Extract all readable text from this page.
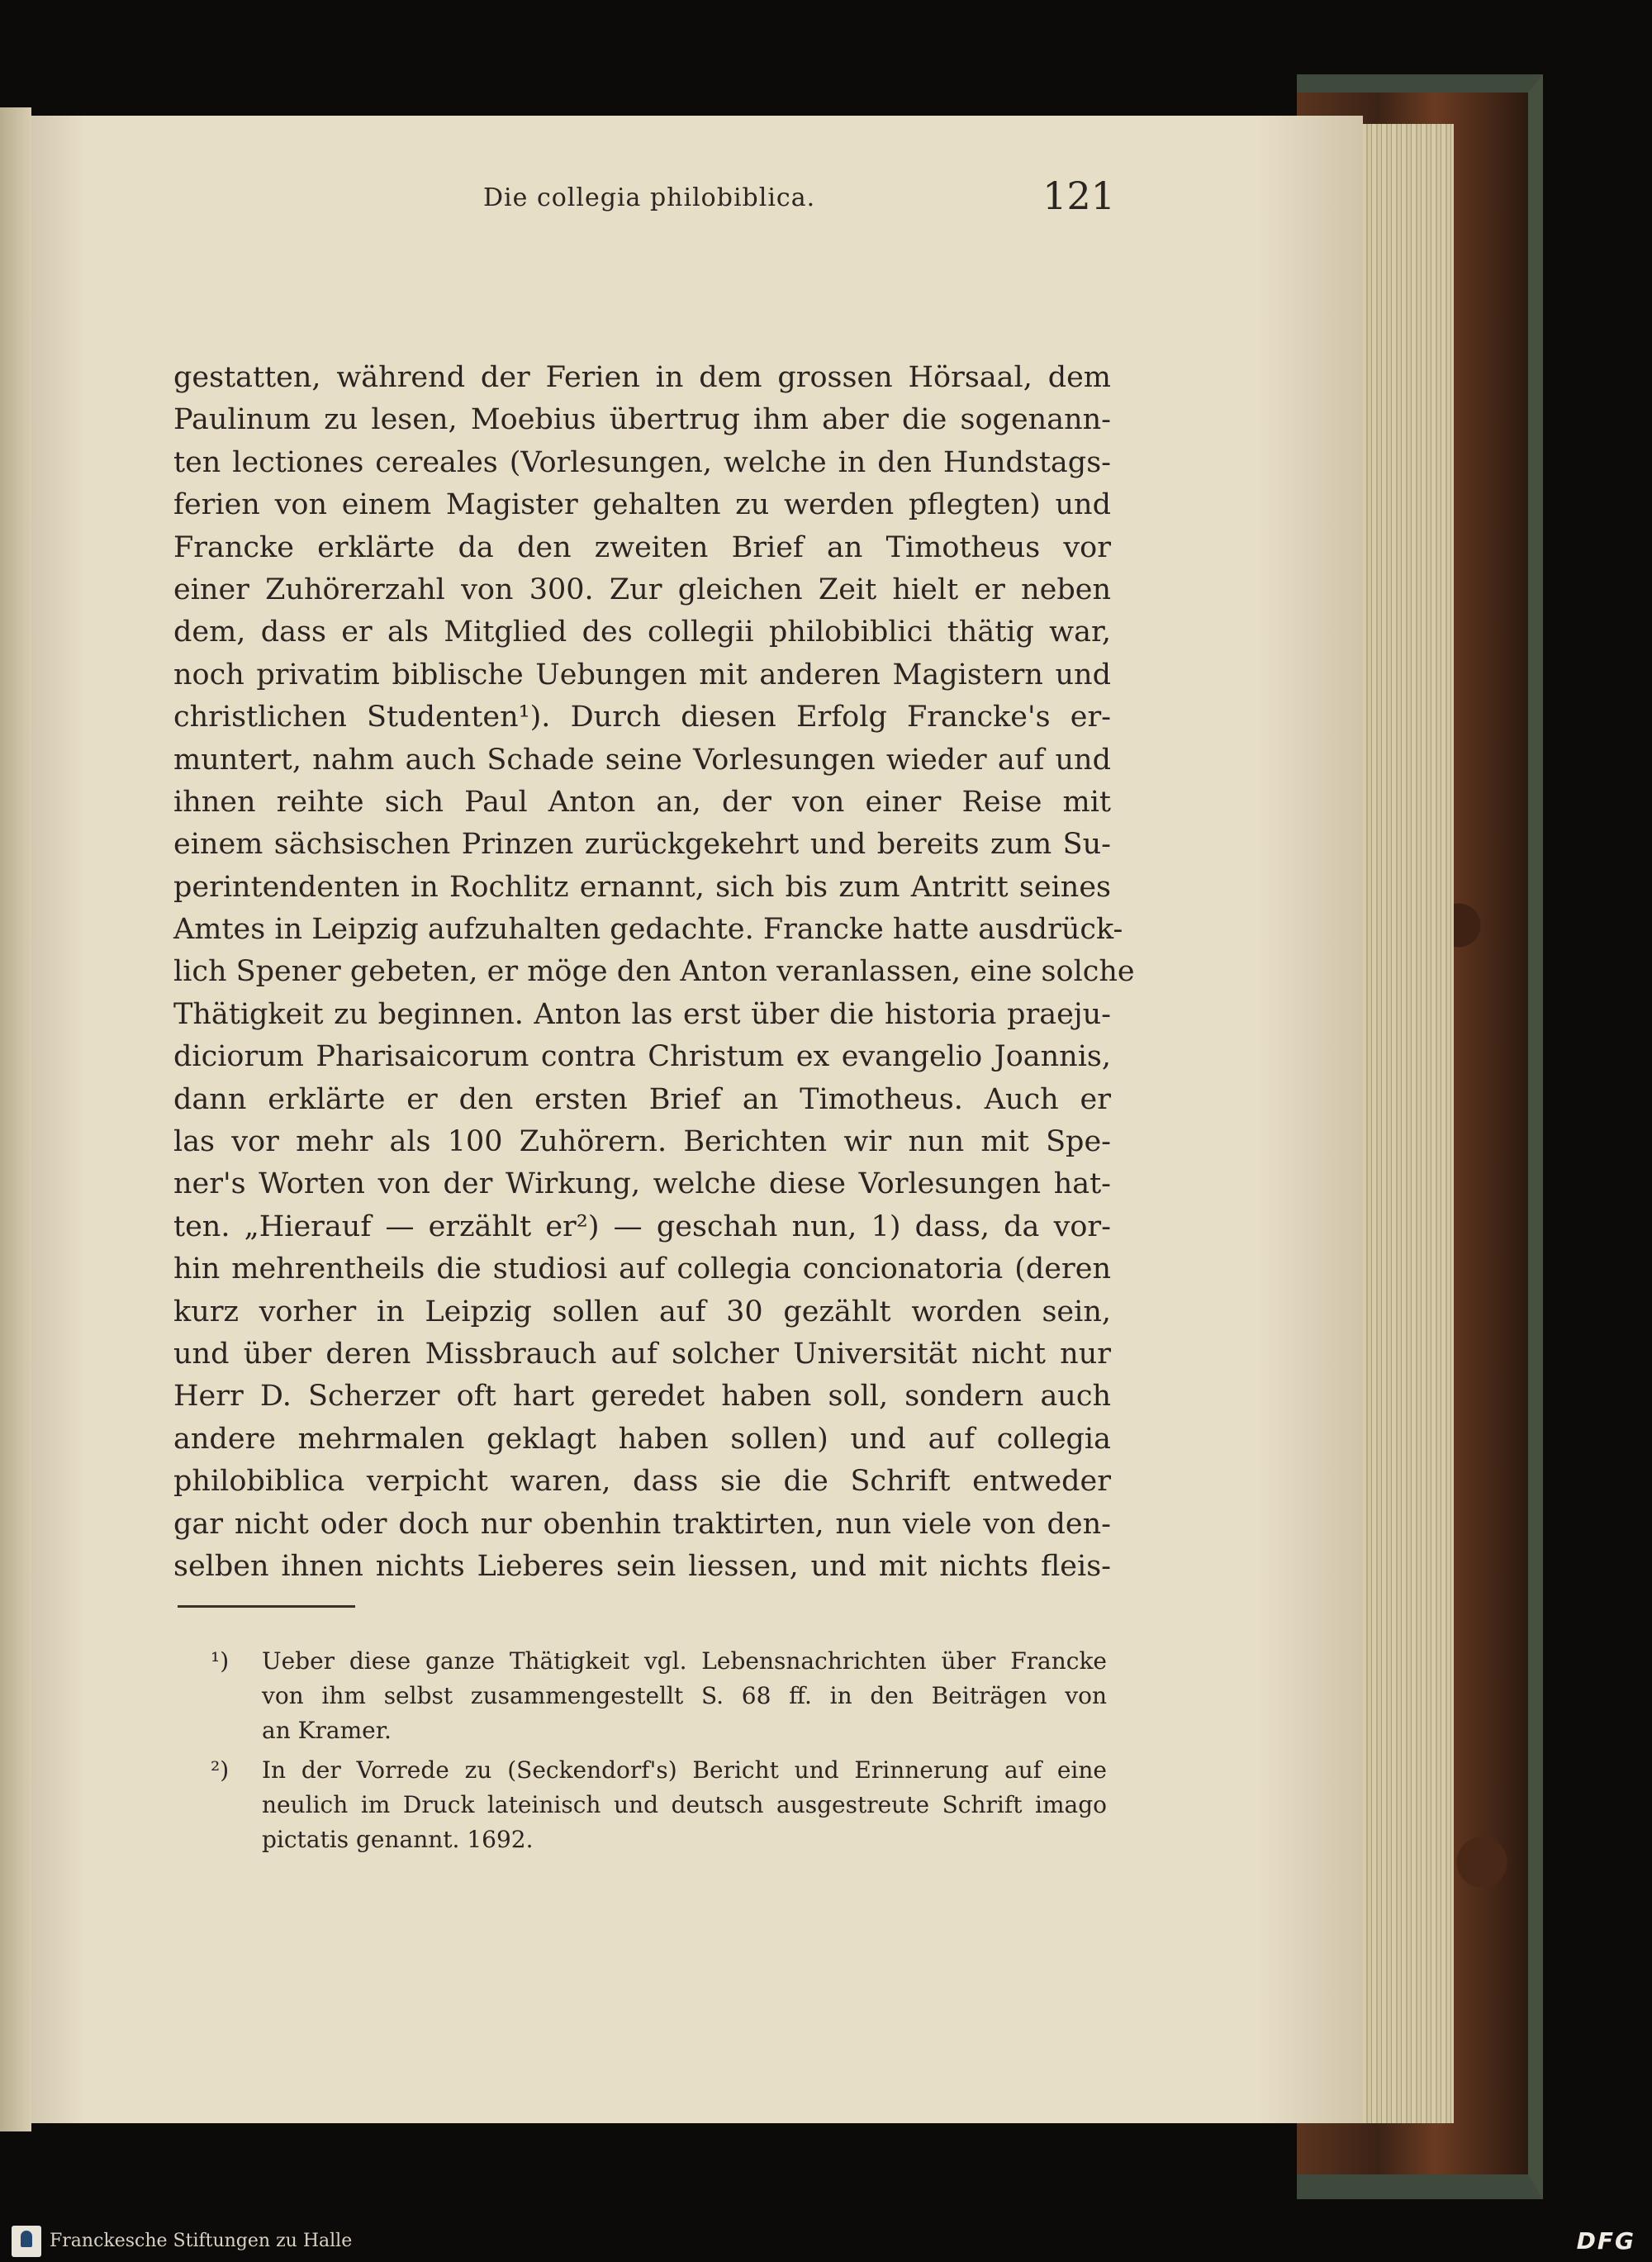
Die collegia philobiblica.	121
gestatten, während der Ferien in dem grossen Hörsaal, dem
Paulinum zu lesen, Moebius übertrug ihm aber die sogenann-
ten lectiones cereales (Vorlesungen, welche in den Hundstags-
ferien von einem Magister gehalten zu werden pflegten) und
Francke erklärte da den zweiten Brief an Timotheus vor
einer Zuhörerzahl von 300. Zur gleichen Zeit hielt er neben
dem, dass er als Mitglied des collegii philobiblici thätig war,
noch privatim biblische Uebungen mit anderen Magistern und
christlichen Studenten¹). Durch diesen Erfolg Francke's er-
muntert, nahm auch Schade seine Vorlesungen wieder auf und
ihnen reihte sich Paul Anton an, der von einer Reise mit
einem sächsischen Prinzen zurückgekehrt und bereits zum Su-
perintendenten in Rochlitz ernannt, sich bis zum Antritt seines
Amtes in Leipzig aufzuhalten gedachte. Francke hatte ausdrück-
lich Spener gebeten, er möge den Anton veranlassen, eine solche
Thätigkeit zu beginnen. Anton las erst über die historia praeju-
diciorum Pharisaicorum contra Christum ex evangelio Joannis,
dann erklärte er den ersten Brief an Timotheus. Auch er
las vor mehr als 100 Zuhörern. Berichten wir nun mit Spe-
ner's Worten von der Wirkung, welche diese Vorlesungen hat-
ten. „Hierauf — erzählt er²) — geschah nun, 1) dass, da vor-
hin mehrentheils die studiosi auf collegia concionatoria (deren
kurz vorher in Leipzig sollen auf 30 gezählt worden sein,
und über deren Missbrauch auf solcher Universität nicht nur
Herr D. Scherzer oft hart geredet haben soll, sondern auch
andere mehrmalen geklagt haben sollen) und auf collegia
philobiblica verpicht waren, dass sie die Schrift entweder
gar nicht oder doch nur obenhin traktirten, nun viele von den-
selben ihnen nichts Lieberes sein liessen, und mit nichts fleis-
¹) Ueber diese ganze Thätigkeit vgl. Lebensnachrichten über Francke
von ihm selbst zusammengestellt S. 68 ff. in den Beiträgen von
an Kramer.
²) In der Vorrede zu (Seckendorf's) Bericht und Erinnerung auf eine
neulich im Druck lateinisch und deutsch ausgestreute Schrift imago
pictatis genannt. 1692.
Franckesche Stiftungen zu Halle	DFG
